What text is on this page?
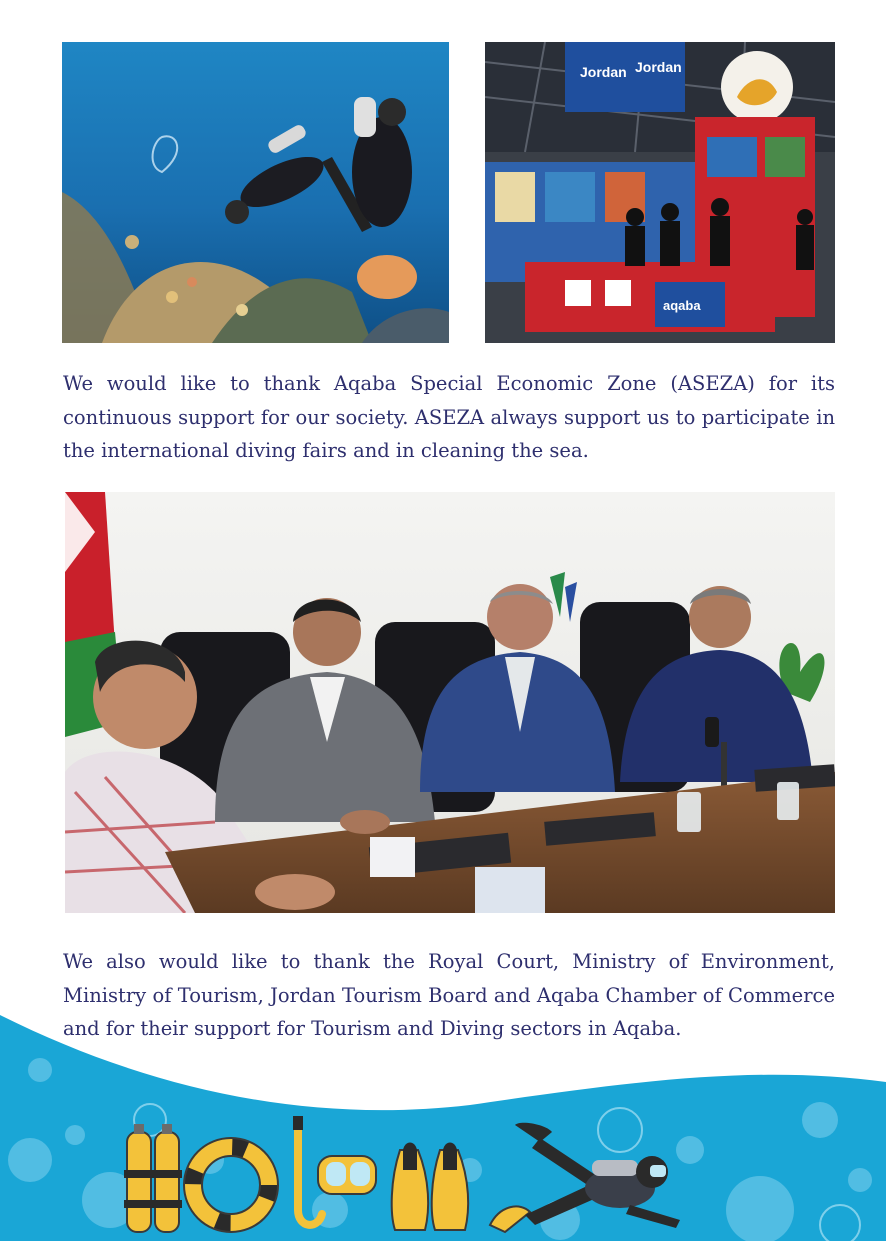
Jordan Jordan
aqaba

We would like to thank Aqaba Special Economic Zone (ASEZA) for its continuous support for our society. ASEZA always support us to participate in the international diving fairs and in cleaning the sea.

We also would like to thank the Royal Court, Ministry of Environment, Ministry of Tourism, Jordan Tourism Board and Aqaba Chamber of Commerce and for their support for Tourism and Diving sectors in Aqaba.
